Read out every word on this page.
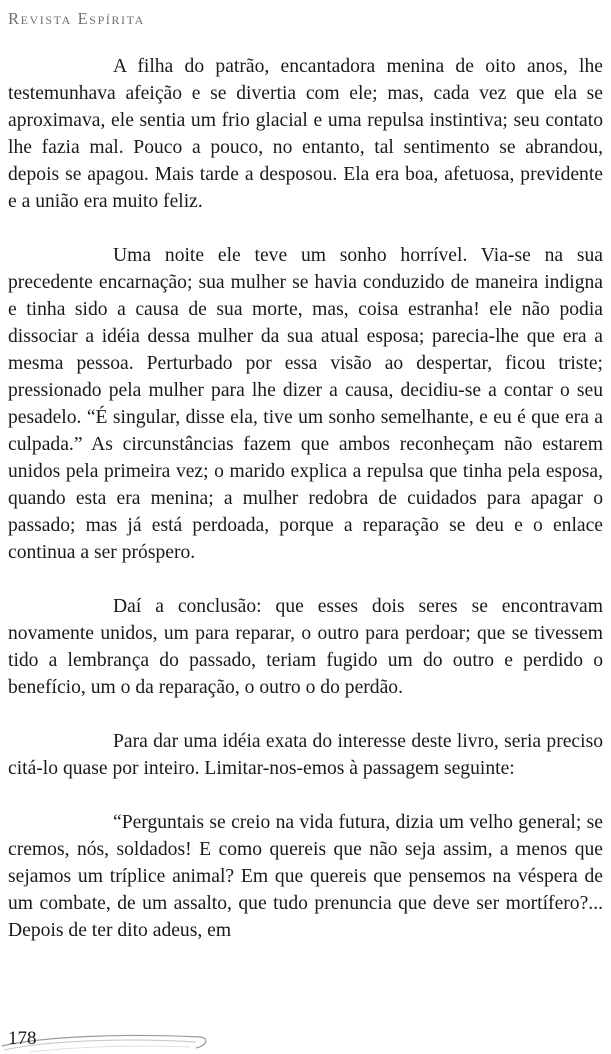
Revista Espírita

A filha do patrão, encantadora menina de oito anos, lhe testemunhava afeição e se divertia com ele; mas, cada vez que ela se aproximava, ele sentia um frio glacial e uma repulsa instintiva; seu contato lhe fazia mal. Pouco a pouco, no entanto, tal sentimento se abrandou, depois se apagou. Mais tarde a desposou. Ela era boa, afetuosa, previdente e a união era muito feliz.

Uma noite ele teve um sonho horrível. Via-se na sua precedente encarnação; sua mulher se havia conduzido de maneira indigna e tinha sido a causa de sua morte, mas, coisa estranha! ele não podia dissociar a idéia dessa mulher da sua atual esposa; parecia-lhe que era a mesma pessoa. Perturbado por essa visão ao despertar, ficou triste; pressionado pela mulher para lhe dizer a causa, decidiu-se a contar o seu pesadelo. “É singular, disse ela, tive um sonho semelhante, e eu é que era a culpada.” As circunstâncias fazem que ambos reconheçam não estarem unidos pela primeira vez; o marido explica a repulsa que tinha pela esposa, quando esta era menina; a mulher redobra de cuidados para apagar o passado; mas já está perdoada, porque a reparação se deu e o enlace continua a ser próspero.

Daí a conclusão: que esses dois seres se encontravam novamente unidos, um para reparar, o outro para perdoar; que se tivessem tido a lembrança do passado, teriam fugido um do outro e perdido o benefício, um o da reparação, o outro o do perdão.

Para dar uma idéia exata do interesse deste livro, seria preciso citá-lo quase por inteiro. Limitar-nos-emos à passagem seguinte:

“Perguntais se creio na vida futura, dizia um velho general; se cremos, nós, soldados! E como quereis que não seja assim, a menos que sejamos um tríplice animal? Em que quereis que pensemos na véspera de um combate, de um assalto, que tudo prenuncia que deve ser mortífero?... Depois de ter dito adeus, em

178
